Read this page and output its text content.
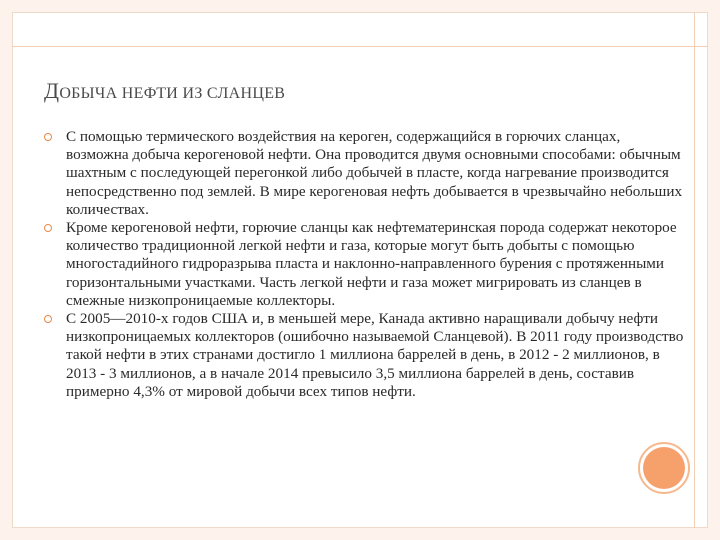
ДОБЫЧА НЕФТИ ИЗ СЛАНЦЕВ
С помощью термического воздействия на кероген, содержащийся в горючих сланцах, возможна добыча керогеновой нефти. Она проводится двумя основными способами: обычным шахтным с последующей перегонкой либо добычей в пласте, когда нагревание производится непосредственно под землей. В мире керогеновая нефть добывается в чрезвычайно небольших количествах.
Кроме керогеновой нефти, горючие сланцы как нефтематеринская порода содержат некоторое количество традиционной легкой нефти и газа, которые могут быть добыты с помощью многостадийного гидроразрыва пласта и наклонно-направленного бурения с протяженными горизонтальными участками. Часть легкой нефти и газа может мигрировать из сланцев в смежные низкопроницаемые коллекторы.
С 2005—2010-х годов США и, в меньшей мере, Канада активно наращивали добычу нефти низкопроницаемых коллекторов (ошибочно называемой Сланцевой). В 2011 году производство такой нефти в этих странами достигло 1 миллиона баррелей в день, в 2012 - 2 миллионов, в 2013 - 3 миллионов, а в начале 2014 превысило 3,5 миллиона баррелей в день, составив примерно 4,3% от мировой добычи всех типов нефти.
